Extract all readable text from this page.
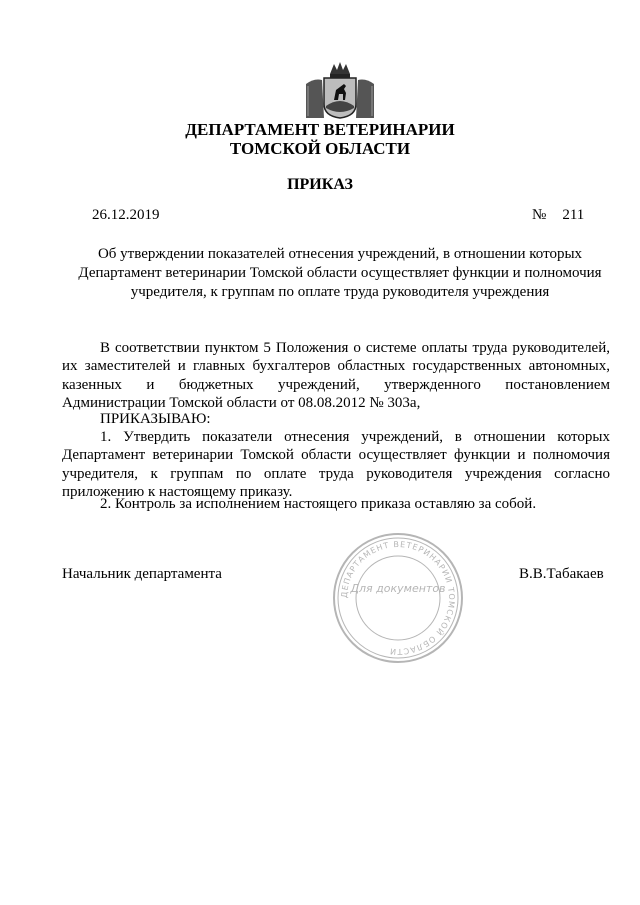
ДЕПАРТАМЕНТ ВЕТЕРИНАРИИ
ТОМСКОЙ ОБЛАСТИ
ПРИКАЗ
26.12.2019	№ 211
Об утверждении показателей отнесения учреждений, в отношении которых
Департамент ветеринарии Томской области осуществляет функции и полномочия
учредителя, к группам по оплате труда руководителя учреждения
В соответствии пунктом 5 Положения о системе оплаты труда руководителей, их заместителей и главных бухгалтеров областных государственных автономных, казенных и бюджетных учреждений, утвержденного постановлением Администрации Томской области от 08.08.2012 № 303а,
ПРИКАЗЫВАЮ:
1. Утвердить показатели отнесения учреждений, в отношении которых Департамент ветеринарии Томской области осуществляет функции и полномочия учредителя, к группам по оплате труда руководителя учреждения согласно приложению к настоящему приказу.
2. Контроль за исполнением настоящего приказа оставляю за собой.
Начальник департамента	В.В.Табакаев
ДЕПАРТАМЕНТ ВЕТЕРИНАРИИ ТОМСКОЙ ОБЛАСТИ
Для документов
